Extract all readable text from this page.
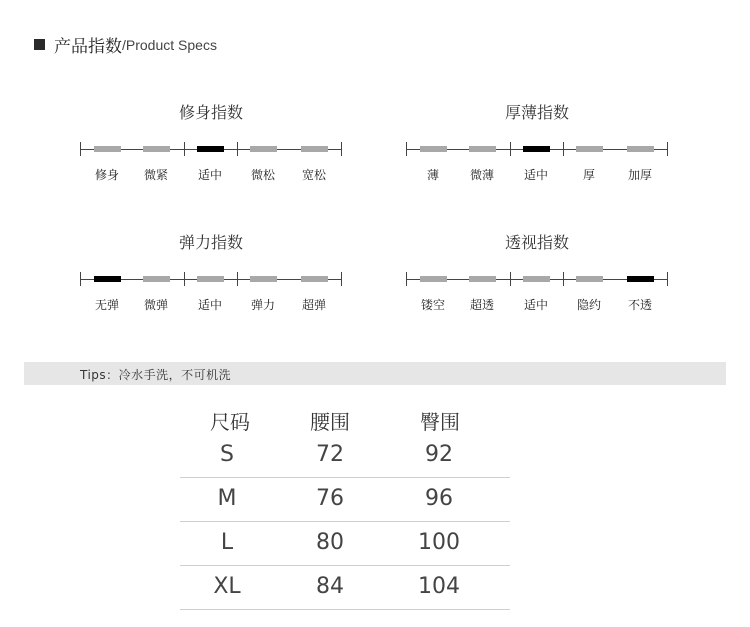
产品指数 /Product Specs
修身指数
修身	微紧	适中	微松	宽松
厚薄指数
薄	微薄	适中	厚	加厚
弹力指数
无弹	微弹	适中	弹力	超弹
透视指数
镂空	超透	适中	隐约	不透
Tips：冷水手洗，不可机洗
尺码	腰围	臀围
S	72	92
M	76	96
L	80	100
XL	84	104
